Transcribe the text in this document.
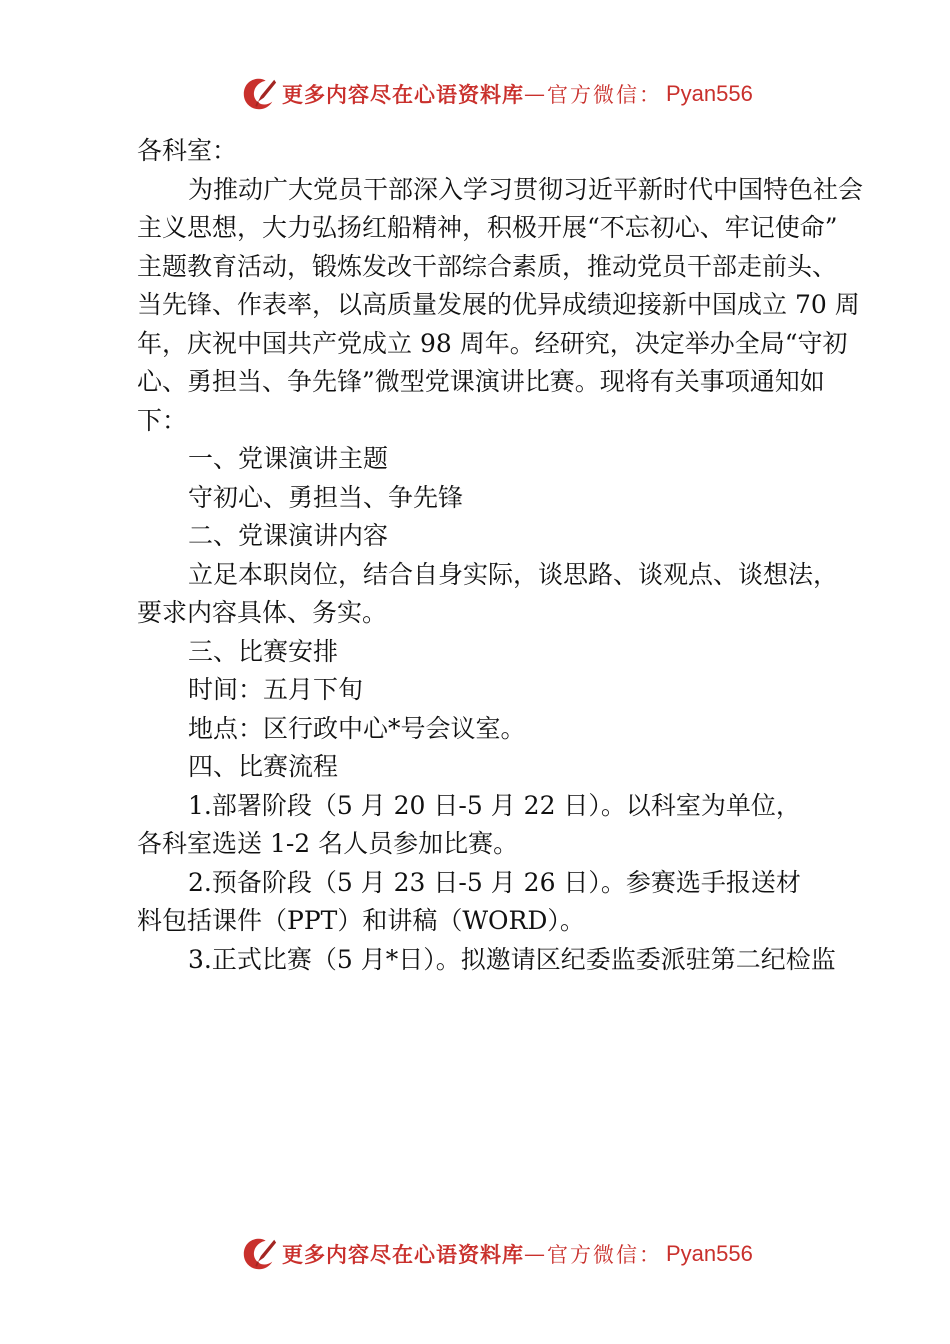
更多内容尽在心语资料库 — 官方微信： Pyan556
各科室：
为推动广大党员干部深入学习贯彻习近平新时代中国特色社会
主义思想，大力弘扬红船精神，积极开展“不忘初心、牢记使命”
主题教育活动，锻炼发改干部综合素质，推动党员干部走前头、
当先锋、作表率，以高质量发展的优异成绩迎接新中国成立 70 周
年，庆祝中国共产党成立 98 周年。经研究，决定举办全局“守初
心、勇担当、争先锋”微型党课演讲比赛。现将有关事项通知如
下：
一、党课演讲主题
守初心、勇担当、争先锋
二、党课演讲内容
立足本职岗位，结合自身实际，谈思路、谈观点、谈想法，
要求内容具体、务实。
三、比赛安排
时间：五月下旬
地点：区行政中心*号会议室。
四、比赛流程
1.部署阶段（5 月 20 日-5 月 22 日）。以科室为单位，
各科室选送 1-2 名人员参加比赛。
2.预备阶段（5 月 23 日-5 月 26 日）。参赛选手报送材
料包括课件（PPT）和讲稿（WORD）。
3.正式比赛（5 月*日）。拟邀请区纪委监委派驻第二纪检监
更多内容尽在心语资料库 — 官方微信： Pyan556
